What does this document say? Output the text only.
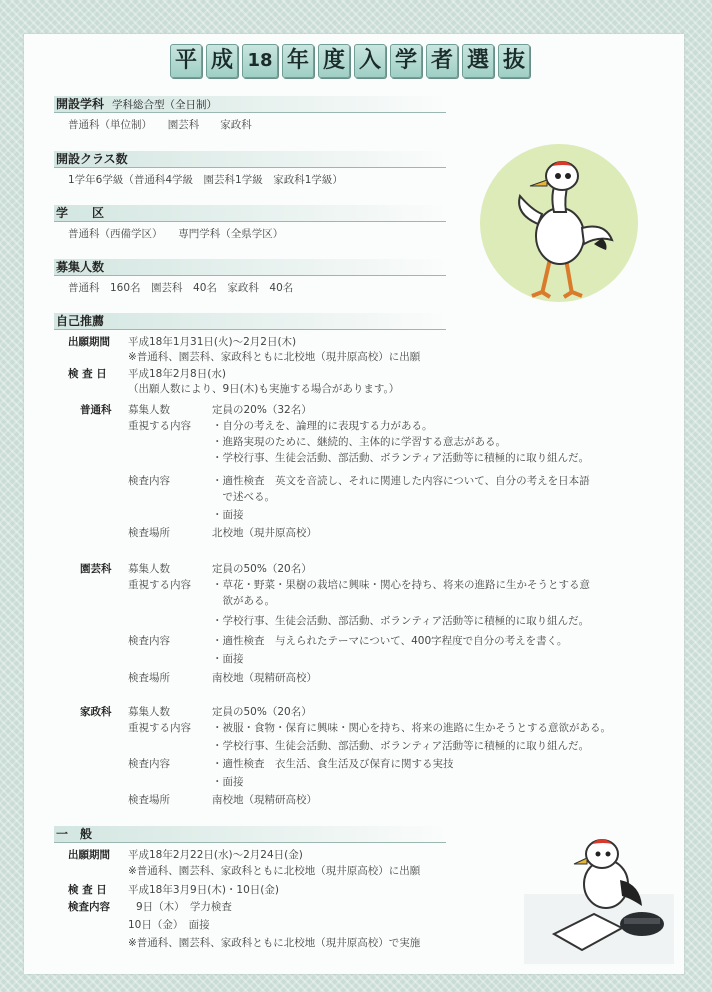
平 成 18 年 度 入 学 者 選 抜
開設学科 学科総合型（全日制）
普通科（単位制）　　園芸科　　家政科
開設クラス数
1学年6学級（普通科4学級　園芸科1学級　家政科1学級）
学　　区
普通科（西備学区）　　専門学科（全県学区）
募集人数
普通科　160名　園芸科　40名　家政科　40名
自己推薦
出願期間 平成18年1月31日(火)～2月2日(木)
※普通科、園芸科、家政科ともに北校地（現井原高校）に出願
検 査 日 平成18年2月8日(水)
（出願人数により、9日(木)も実施する場合があります。）
普通科 募集人数	定員の20%（32名）
重視する内容 ・自分の考えを、論理的に表現する力がある。
・進路実現のために、継続的、主体的に学習する意志がある。
・学校行事、生徒会活動、部活動、ボランティア活動等に積極的に取り組んだ。
検査内容	・適性検査　英文を音読し、それに関連した内容について、自分の考えを日本語
　で述べる。
・面接
検査場所	北校地（現井原高校）
園芸科 募集人数	定員の50%（20名）
重視する内容 ・草花・野菜・果樹の栽培に興味・関心を持ち、将来の進路に生かそうとする意
　欲がある。
・学校行事、生徒会活動、部活動、ボランティア活動等に積極的に取り組んだ。
検査内容	・適性検査　与えられたテーマについて、400字程度で自分の考えを書く。
・面接
検査場所	南校地（現精研高校）
家政科 募集人数	定員の50%（20名）
重視する内容 ・被服・食物・保育に興味・関心を持ち、将来の進路に生かそうとする意欲がある。
・学校行事、生徒会活動、部活動、ボランティア活動等に積極的に取り組んだ。
検査内容	・適性検査　衣生活、食生活及び保育に関する実技
・面接
検査場所	南校地（現精研高校）
一　般
出願期間 平成18年2月22日(水)～2月24日(金)
※普通科、園芸科、家政科ともに北校地（現井原高校）に出願
検 査 日 平成18年3月9日(木)・10日(金)
検査内容 9日（木）　学力検査
10日（金）　面接
※普通科、園芸科、家政科ともに北校地（現井原高校）で実施
